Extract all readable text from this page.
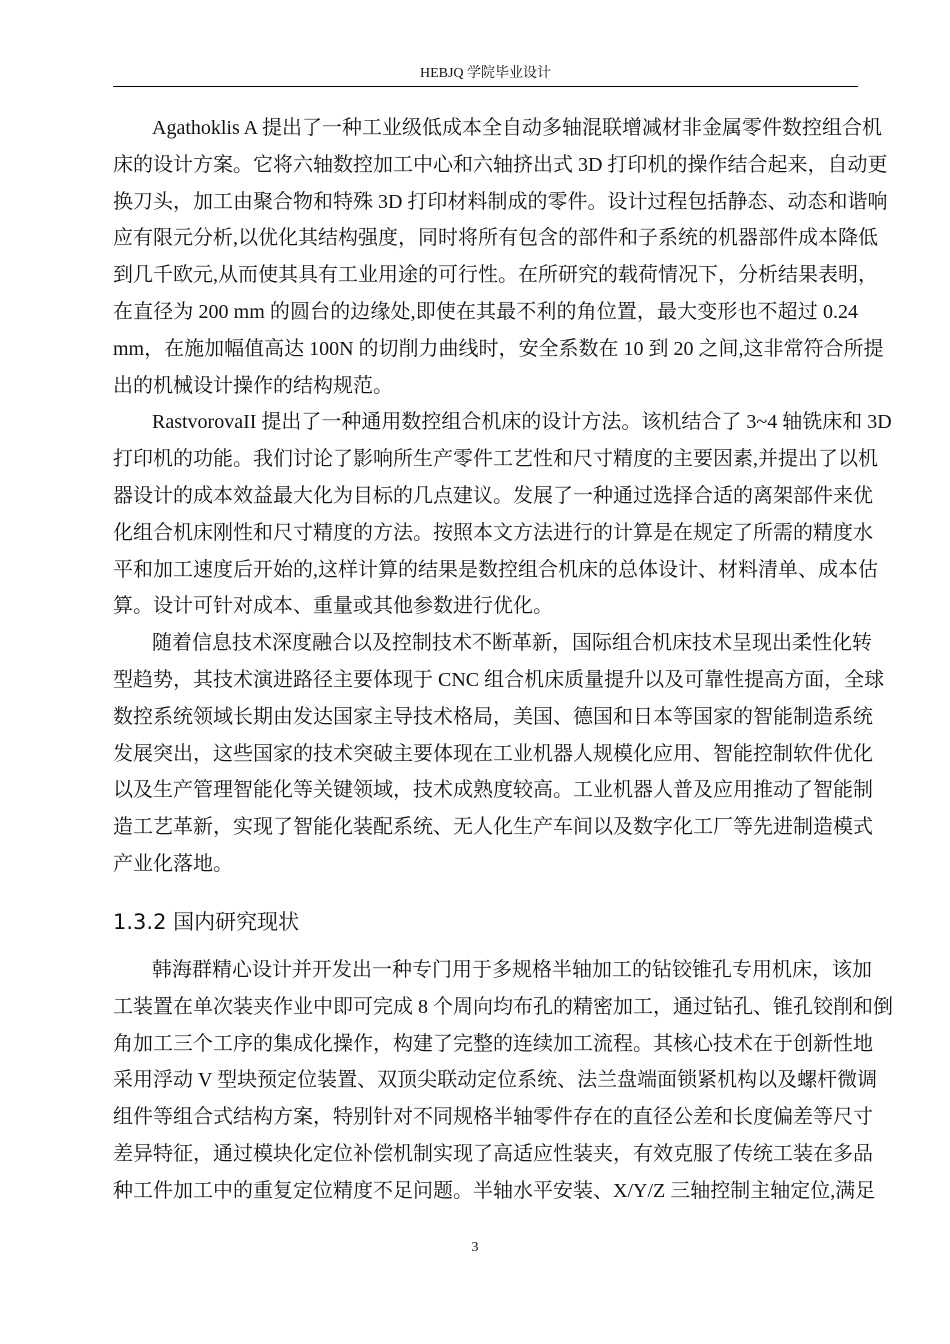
HEBJQ 学院毕业设计
Agathoklis A 提出了一种工业级低成本全自动多轴混联增减材非金属零件数控组合机
床的设计方案。它将六轴数控加工中心和六轴挤出式 3D 打印机的操作结合起来，自动更
换刀头，加工由聚合物和特殊 3D 打印材料制成的零件。设计过程包括静态、动态和谐响
应有限元分析,以优化其结构强度，同时将所有包含的部件和子系统的机器部件成本降低
到几千欧元,从而使其具有工业用途的可行性。在所研究的载荷情况下，分析结果表明，
在直径为 200 mm 的圆台的边缘处,即使在其最不利的角位置，最大变形也不超过 0.24
mm，在施加幅值高达 100N 的切削力曲线时，安全系数在 10 到 20 之间,这非常符合所提
出的机械设计操作的结构规范。
RastvorovaII 提出了一种通用数控组合机床的设计方法。该机结合了 3~4 轴铣床和 3D
打印机的功能。我们讨论了影响所生产零件工艺性和尺寸精度的主要因素,并提出了以机
器设计的成本效益最大化为目标的几点建议。发展了一种通过选择合适的离架部件来优
化组合机床刚性和尺寸精度的方法。按照本文方法进行的计算是在规定了所需的精度水
平和加工速度后开始的,这样计算的结果是数控组合机床的总体设计、材料清单、成本估
算。设计可针对成本、重量或其他参数进行优化。
随着信息技术深度融合以及控制技术不断革新，国际组合机床技术呈现出柔性化转
型趋势，其技术演进路径主要体现于 CNC 组合机床质量提升以及可靠性提高方面，全球
数控系统领域长期由发达国家主导技术格局，美国、德国和日本等国家的智能制造系统
发展突出，这些国家的技术突破主要体现在工业机器人规模化应用、智能控制软件优化
以及生产管理智能化等关键领域，技术成熟度较高。工业机器人普及应用推动了智能制
造工艺革新，实现了智能化装配系统、无人化生产车间以及数字化工厂等先进制造模式
产业化落地。
1.3.2 国内研究现状
韩海群精心设计并开发出一种专门用于多规格半轴加工的钻铰锥孔专用机床，该加
工装置在单次装夹作业中即可完成 8 个周向均布孔的精密加工，通过钻孔、锥孔铰削和倒
角加工三个工序的集成化操作，构建了完整的连续加工流程。其核心技术在于创新性地
采用浮动 V 型块预定位装置、双顶尖联动定位系统、法兰盘端面锁紧机构以及螺杆微调
组件等组合式结构方案，特别针对不同规格半轴零件存在的直径公差和长度偏差等尺寸
差异特征，通过模块化定位补偿机制实现了高适应性装夹，有效克服了传统工装在多品
种工件加工中的重复定位精度不足问题。半轴水平安装、X/Y/Z 三轴控制主轴定位,满足
3
